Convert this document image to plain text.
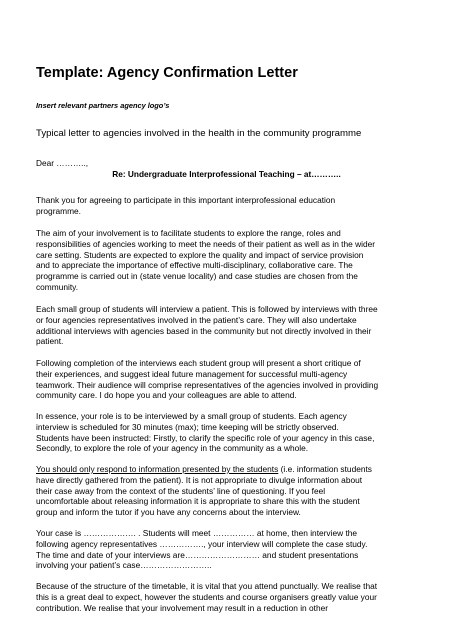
Template: Agency Confirmation Letter
Insert relevant partners agency logo’s
Typical letter to agencies involved in the health in the community programme
Dear ………..,
Re: Undergraduate Interprofessional Teaching – at………..
Thank you for agreeing to participate in this important interprofessional education
programme.
The aim of your involvement is to facilitate students to explore the range, roles and
responsibilities of agencies working to meet the needs of their patient as well as in the wider
care setting. Students are expected to explore the quality and impact of service provision
and to appreciate the importance of effective multi-disciplinary, collaborative care. The
programme is carried out in (state venue locality) and case studies are chosen from the
community.
Each small group of students will interview a patient. This is followed by interviews with three
or four agencies representatives involved in the patient’s care. They will also undertake
additional interviews with agencies based in the community but not directly involved in their
patient.
Following completion of the interviews each student group will present a short critique of
their experiences, and suggest ideal future management for successful multi-agency
teamwork. Their audience will comprise representatives of the agencies involved in providing
community care. I do hope you and your colleagues are able to attend.
In essence, your role is to be interviewed by a small group of students. Each agency
interview is scheduled for 30 minutes (max); time keeping will be strictly observed.
Students have been instructed: Firstly, to clarify the specific role of your agency in this case,
Secondly, to explore the role of your agency in the community as a whole.
You should only respond to information presented by the students (i.e. information students
have directly gathered from the patient). It is not appropriate to divulge information about
their case away from the context of the students’ line of questioning. If you feel
uncomfortable about releasing information it is appropriate to share this with the student
group and inform the tutor if you have any concerns about the interview.
Your case is ………………. . Students will meet …………… at home, then interview the
following agency representatives ……………., your interview will complete the case study.
The time and date of your interviews are……………………… and student presentations
involving your patient’s case……………………..
Because of the structure of the timetable, it is vital that you attend punctually. We realise that
this is a great deal to expect, however the students and course organisers greatly value your
contribution. We realise that your involvement may result in a reduction in other
